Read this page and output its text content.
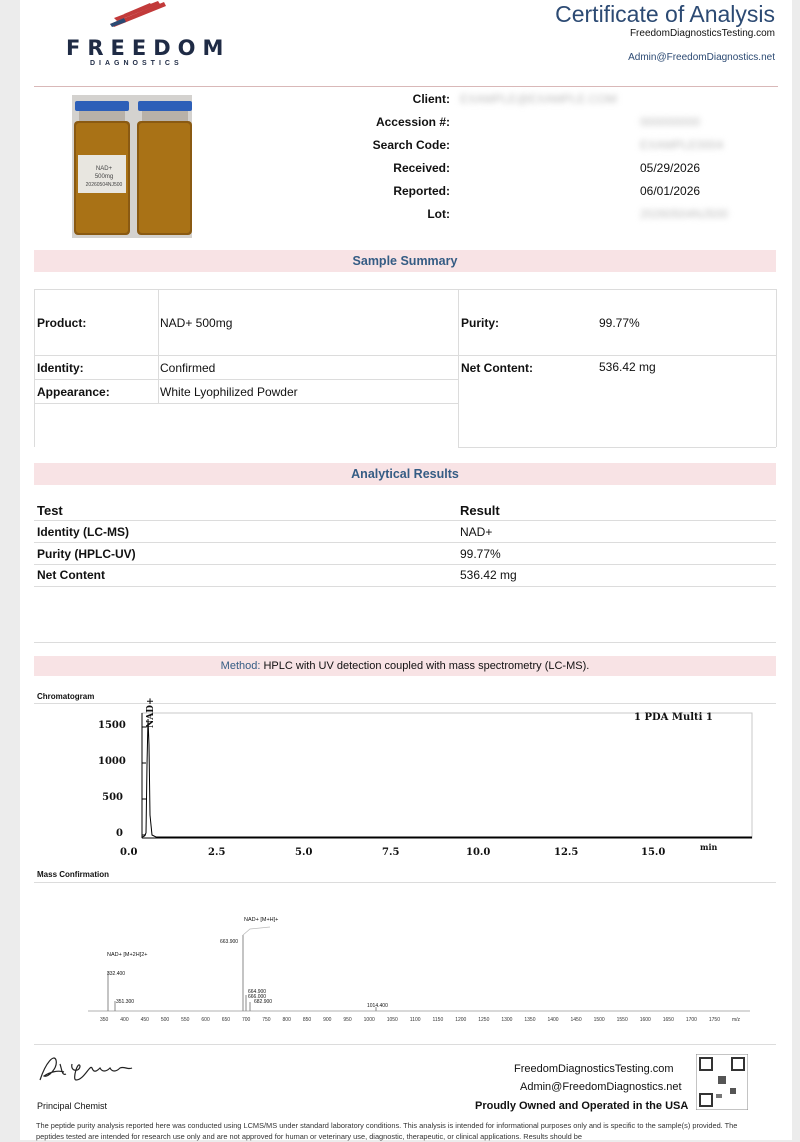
FREEDOM
DIAGNOSTICS
Certificate of Analysis
FreedomDiagnosticsTesting.com
Admin@FreedomDiagnostics.net
NAD+
500mg
20260504NJ500
Client: EXAMPLE@EXAMPLE.COM
Accession #:	000000000
Search Code:	EXAMPLE0004
Received:	05/29/2026
Reported:	06/01/2026
Lot:	20260504NJ500
Sample Summary
Product:	NAD+ 500mg	Purity:	99.77%
Identity:	Confirmed	Net Content:	536.42 mg
Appearance:	White Lyophilized Powder
Analytical Results
Test	Result
Identity (LC-MS)	NAD+
Purity (HPLC-UV)	99.77%
Net Content	536.42 mg
Method: HPLC with UV detection coupled with mass spectrometry (LC-MS).
Chromatogram
1500
1000
500
0
0.0	2.5	5.0	7.5	10.0	12.5	15.0	min
1 PDA Multi 1
NAD+
Mass Confirmation
NAD+ [M+H]+
NAD+ [M+2H]2+
663.900
332.400
351.300
664.900
666.000
682.900
1014.400
350 400 450 500 550 600 650 700 750 800 850 900 950 1000 1050 1100 1150 1200 1250 1300 1350 1400 1450 1500 1550 1600 1650 1700 1750 m/z
Principal Chemist
FreedomDiagnosticsTesting.com
Admin@FreedomDiagnostics.net
Proudly Owned and Operated in the USA
The peptide purity analysis reported here was conducted using LCMS/MS under standard laboratory conditions. This analysis is intended for informational purposes only and is specific to the sample(s) provided. The peptides tested are intended for research use only and are not approved for human or veterinary use, diagnostic, therapeutic, or clinical applications. Results should be
